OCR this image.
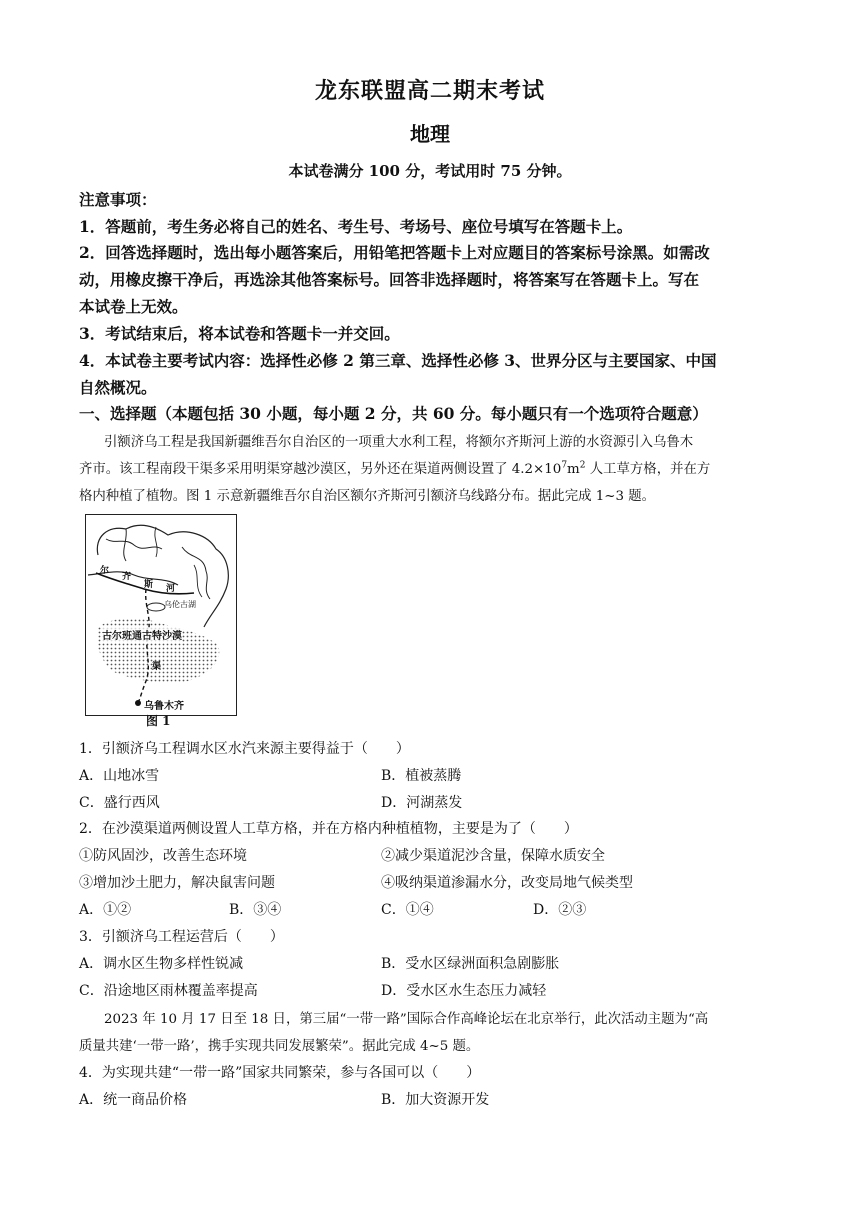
龙东联盟高二期末考试
地理
本试卷满分 100 分，考试用时 75 分钟。
注意事项：
1．答题前，考生务必将自己的姓名、考生号、考场号、座位号填写在答题卡上。
2．回答选择题时，选出每小题答案后，用铅笔把答题卡上对应题目的答案标号涂黑。如需改
动，用橡皮擦干净后，再选涂其他答案标号。回答非选择题时，将答案写在答题卡上。写在
本试卷上无效。
3．考试结束后，将本试卷和答题卡一并交回。
4．本试卷主要考试内容：选择性必修 2 第三章、选择性必修 3、世界分区与主要国家、中国
自然概况。
一、选择题（本题包括 30 小题，每小题 2 分，共 60 分。每小题只有一个选项符合题意）
引额济乌工程是我国新疆维吾尔自治区的一项重大水利工程，将额尔齐斯河上游的水资源引入乌鲁木
齐市。该工程南段干渠多采用明渠穿越沙漠区，另外还在渠道两侧设置了 $4.2\times 10^7m^2$ 人工草方格，并在方
格内种植了植物。图 1 示意新疆维吾尔自治区额尔齐斯河引额济乌线路分布。据此完成 1~3 题。
尔
齐
斯 河
乌伦古湖
古尔班通古特沙漠
渠
乌鲁木齐
图 1
1．引额济乌工程调水区水汽来源主要得益于（　　）
A．山地冰雪	B．植被蒸腾
C．盛行西风	D．河湖蒸发
2．在沙漠渠道两侧设置人工草方格，并在方格内种植植物，主要是为了（　　）
①防风固沙，改善生态环境	②减少渠道泥沙含量，保障水质安全
③增加沙土肥力，解决鼠害问题	④吸纳渠道渗漏水分，改变局地气候类型
A．①②	B．③④	C．①④	D．②③
3．引额济乌工程运营后（　　）
A．调水区生物多样性锐减	B．受水区绿洲面积急剧膨胀
C．沿途地区雨林覆盖率提高	D．受水区水生态压力减轻
2023 年 10 月 17 日至 18 日，第三届“一带一路”国际合作高峰论坛在北京举行，此次活动主题为“高
质量共建‘一带一路’，携手实现共同发展繁荣”。据此完成 4~5 题。
4．为实现共建“一带一路”国家共同繁荣，参与各国可以（　　）
A．统一商品价格	B．加大资源开发
